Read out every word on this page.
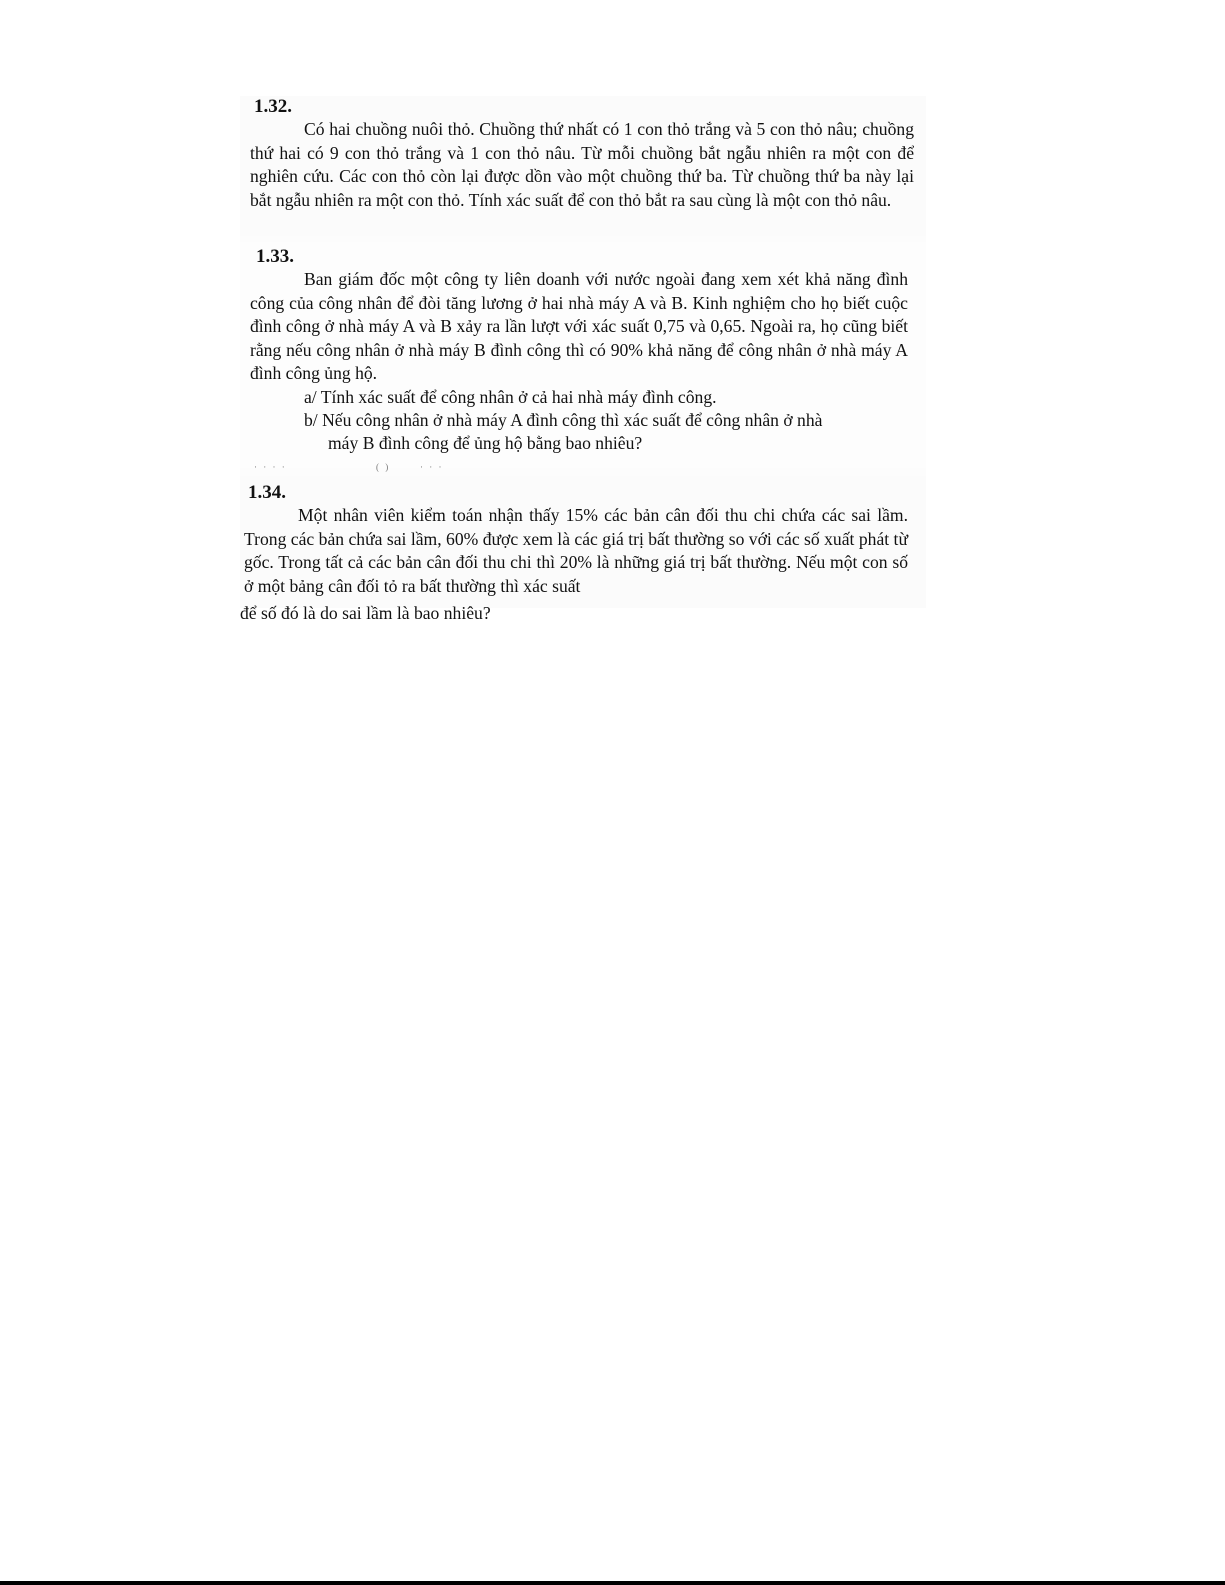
1.32.

Có hai chuồng nuôi thỏ. Chuồng thứ nhất có 1 con thỏ trắng và 5 con thỏ nâu; chuồng thứ hai có 9 con thỏ trắng và 1 con thỏ nâu. Từ mỗi chuồng bắt ngẫu nhiên ra một con để nghiên cứu. Các con thỏ còn lại được dồn vào một chuồng thứ ba. Từ chuồng thứ ba này lại bắt ngẫu nhiên ra một con thỏ. Tính xác suất để con thỏ bắt ra sau cùng là một con thỏ nâu.

1.33.

Ban giám đốc một công ty liên doanh với nước ngoài đang xem xét khả năng đình công của công nhân để đòi tăng lương ở hai nhà máy A và B. Kinh nghiệm cho họ biết cuộc đình công ở nhà máy A và B xảy ra lần lượt với xác suất 0,75 và 0,65. Ngoài ra, họ cũng biết rằng nếu công nhân ở nhà máy B đình công thì có 90% khả năng để công nhân ở nhà máy A đình công ủng hộ.

a/ Tính xác suất để công nhân ở cả hai nhà máy đình công.

b/ Nếu công nhân ở nhà máy A đình công thì xác suất để công nhân ở nhà

máy B đình công để ủng hộ bằng bao nhiêu?

· · · ·                     ( )       · · ·
1.34.

Một nhân viên kiểm toán nhận thấy 15% các bản cân đối thu chi chứa các sai lầm. Trong các bản chứa sai lầm, 60% được xem là các giá trị bất thường so với các số xuất phát từ gốc. Trong tất cả các bản cân đối thu chi thì 20% là những giá trị bất thường. Nếu một con số ở một bảng cân đối tỏ ra bất thường thì xác suất

để số đó là do sai lầm là bao nhiêu?
